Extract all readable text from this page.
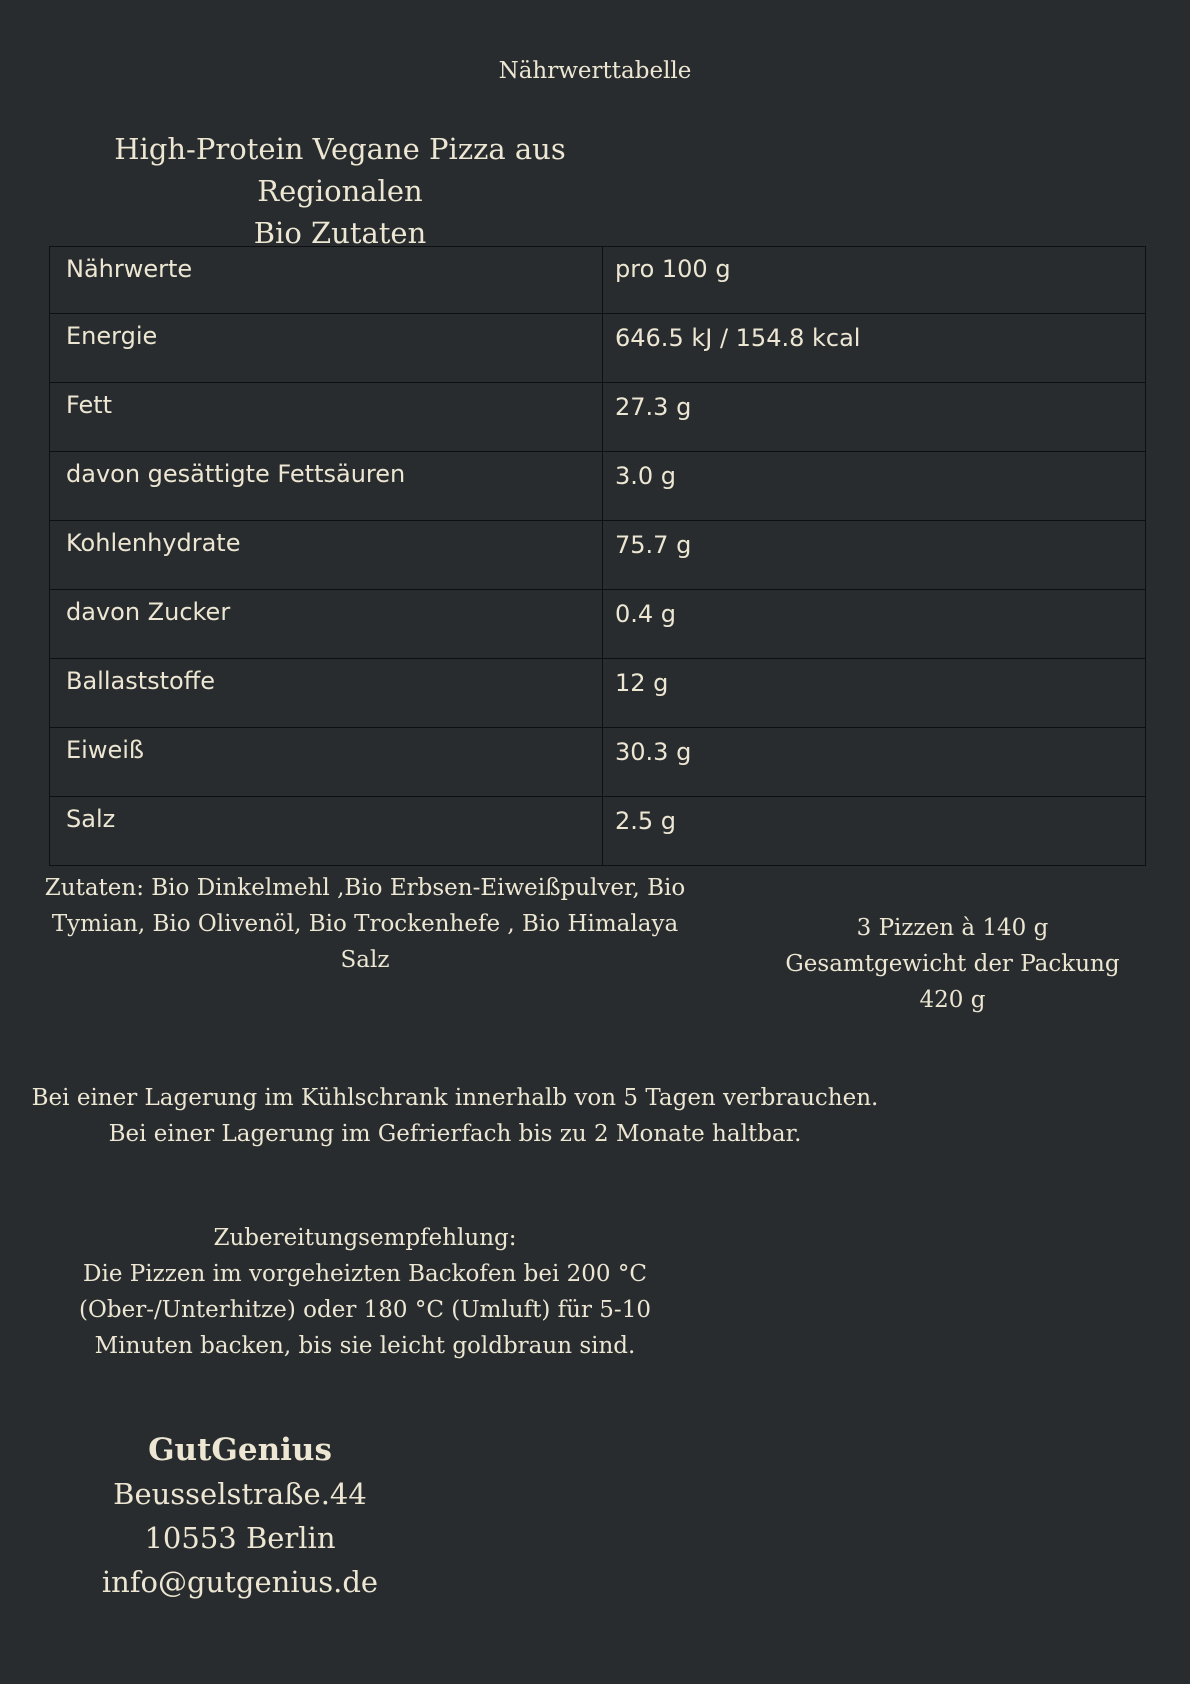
Nährwerttabelle
High-Protein Vegane Pizza aus Regionalen
Bio Zutaten
Nährwerte	pro 100 g
Energie	646.5 kJ / 154.8 kcal
Fett	27.3 g
davon gesättigte Fettsäuren	3.0 g
Kohlenhydrate	75.7 g
davon Zucker	0.4 g
Ballaststoffe	12 g
Eiweiß	30.3 g
Salz	2.5 g
Zutaten: Bio Dinkelmehl ,Bio Erbsen-Eiweißpulver, Bio
Tymian, Bio Olivenöl, Bio Trockenhefe , Bio Himalaya
Salz
3 Pizzen à 140 g
Gesamtgewicht der Packung
420 g
Bei einer Lagerung im Kühlschrank innerhalb von 5 Tagen verbrauchen.
Bei einer Lagerung im Gefrierfach bis zu 2 Monate haltbar.
Zubereitungsempfehlung:
Die Pizzen im vorgeheizten Backofen bei 200 °C
(Ober-/Unterhitze) oder 180 °C (Umluft) für 5-10
Minuten backen, bis sie leicht goldbraun sind.
GutGenius
Beusselstraße.44
10553 Berlin
info@gutgenius.de
